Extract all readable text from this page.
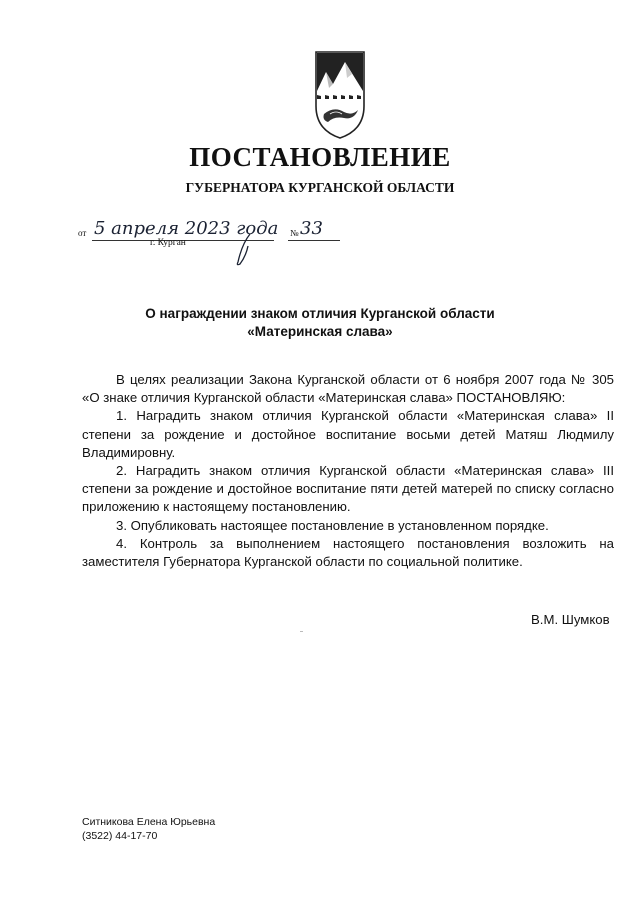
ПОСТАНОВЛЕНИЕ
ГУБЕРНАТОРА КУРГАНСКОЙ ОБЛАСТИ
от 5 апреля 2023 года № 33
г. Курган
О награждении знаком отличия Курганской области
«Материнская слава»

В целях реализации Закона Курганской области от 6 ноября 2007 года № 305 «О знаке отличия Курганской области «Материнская слава» ПОСТАНОВЛЯЮ:

1. Наградить знаком отличия Курганской области «Материнская слава» II степени за рождение и достойное воспитание восьми детей Матяш Людмилу Владимировну.

2. Наградить знаком отличия Курганской области «Материнская слава» III степени за рождение и достойное воспитание пяти детей матерей по списку согласно приложению к настоящему постановлению.

3. Опубликовать настоящее постановление в установленном порядке.

4. Контроль за выполнением настоящего постановления возложить на заместителя Губернатора Курганской области по социальной политике.

В.М. Шумков
Ситникова Елена Юрьевна
(3522) 44-17-70
